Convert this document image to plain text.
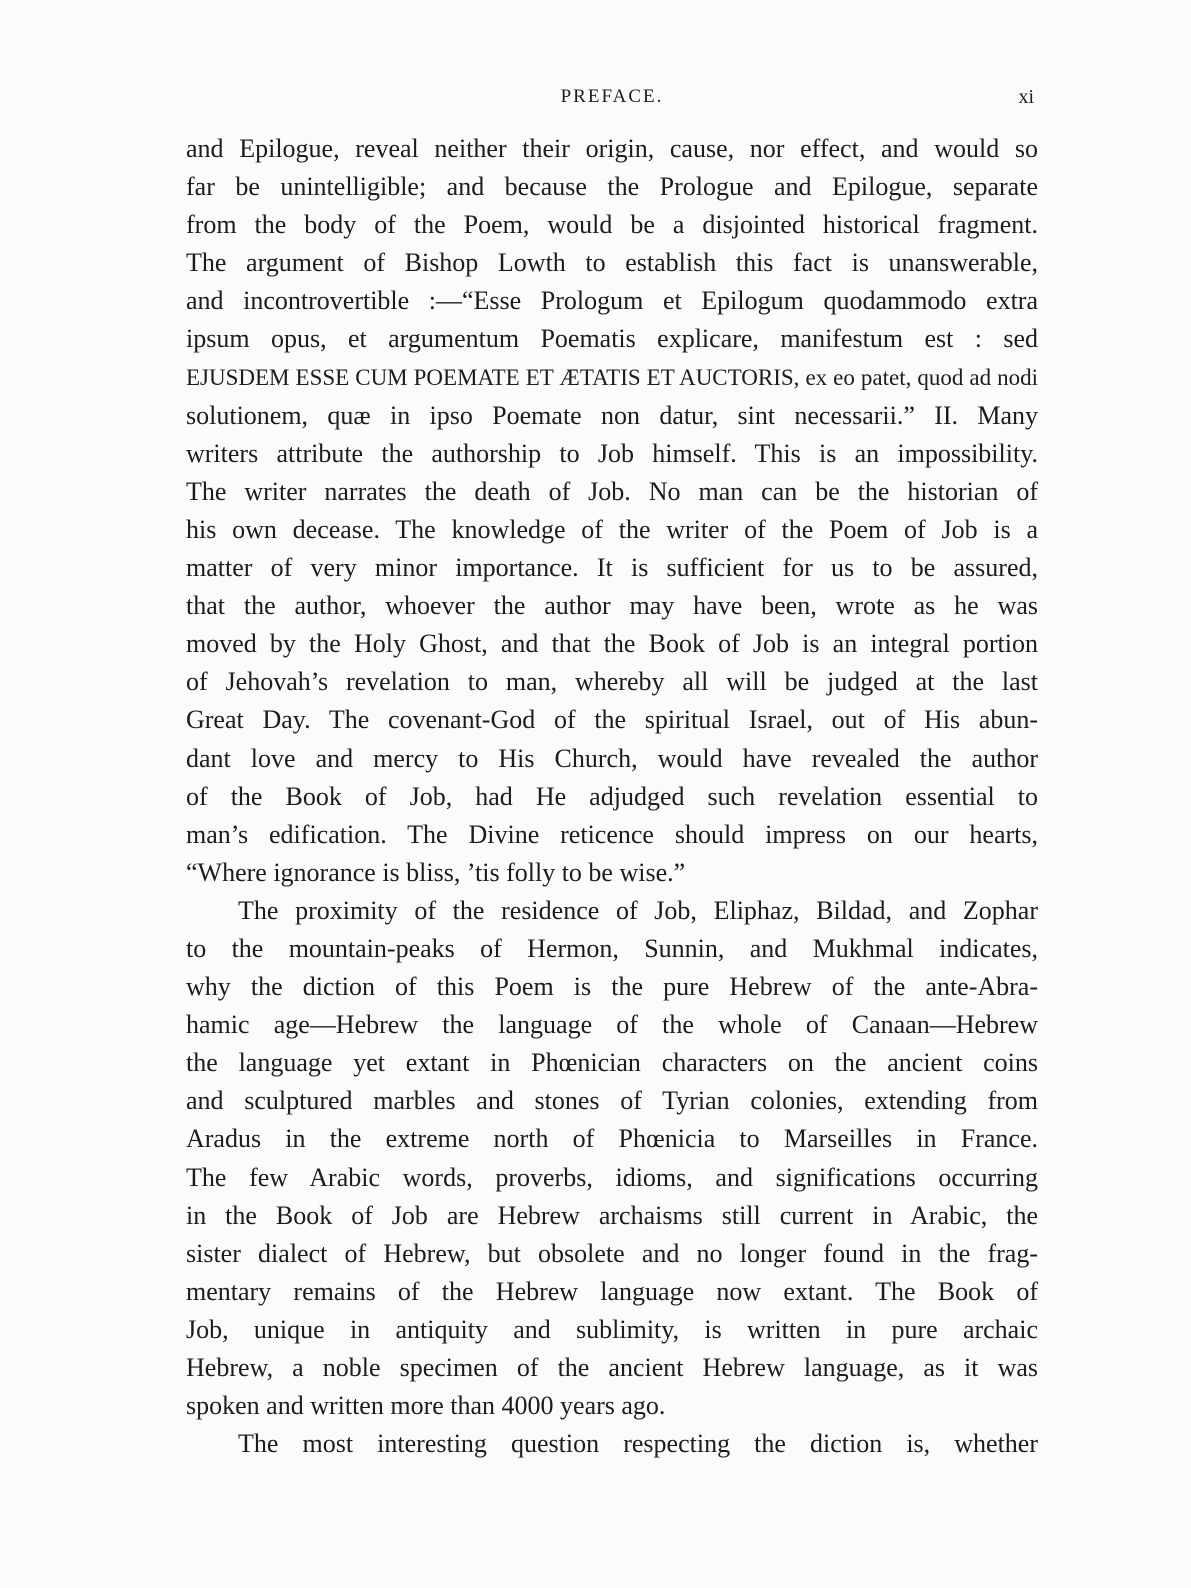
PREFACE.	xi
and Epilogue, reveal neither their origin, cause, nor effect, and would so
far be unintelligible; and because the Prologue and Epilogue, separate
from the body of the Poem, would be a disjointed historical fragment.
The argument of Bishop Lowth to establish this fact is unanswerable,
and incontrovertible :—“Esse Prologum et Epilogum quodammodo extra
ipsum opus, et argumentum Poematis explicare, manifestum est : sed
EJUSDEM ESSE CUM POEMATE ET ÆTATIS ET AUCTORIS, ex eo patet, quod ad nodi
solutionem, quæ in ipso Poemate non datur, sint necessarii.” II. Many
writers attribute the authorship to Job himself. This is an impossibility.
The writer narrates the death of Job. No man can be the historian of
his own decease. The knowledge of the writer of the Poem of Job is a
matter of very minor importance. It is sufficient for us to be assured,
that the author, whoever the author may have been, wrote as he was
moved by the Holy Ghost, and that the Book of Job is an integral portion
of Jehovah’s revelation to man, whereby all will be judged at the last
Great Day. The covenant-God of the spiritual Israel, out of His abun-
dant love and mercy to His Church, would have revealed the author
of the Book of Job, had He adjudged such revelation essential to
man’s edification. The Divine reticence should impress on our hearts,
“Where ignorance is bliss, ’tis folly to be wise.”
The proximity of the residence of Job, Eliphaz, Bildad, and Zophar
to the mountain-peaks of Hermon, Sunnin, and Mukhmal indicates,
why the diction of this Poem is the pure Hebrew of the ante-Abra-
hamic age—Hebrew the language of the whole of Canaan—Hebrew
the language yet extant in Phœnician characters on the ancient coins
and sculptured marbles and stones of Tyrian colonies, extending from
Aradus in the extreme north of Phœnicia to Marseilles in France.
The few Arabic words, proverbs, idioms, and significations occurring
in the Book of Job are Hebrew archaisms still current in Arabic, the
sister dialect of Hebrew, but obsolete and no longer found in the frag-
mentary remains of the Hebrew language now extant. The Book of
Job, unique in antiquity and sublimity, is written in pure archaic
Hebrew, a noble specimen of the ancient Hebrew language, as it was
spoken and written more than 4000 years ago.
The most interesting question respecting the diction is, whether
